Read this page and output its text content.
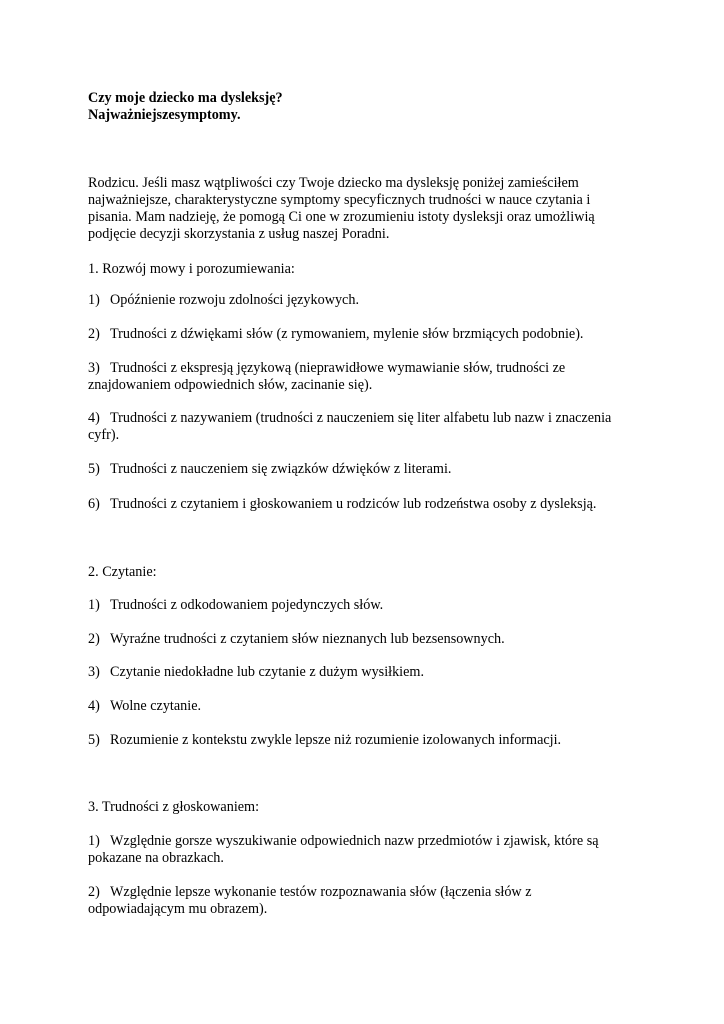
Czy moje dziecko ma dysleksję?
Najważniejszesymptomy.
Rodzicu. Jeśli masz wątpliwości czy Twoje dziecko ma dysleksję poniżej zamieściłem
najważniejsze, charakterystyczne symptomy specyficznych trudności w nauce czytania i
pisania. Mam nadzieję, że pomogą Ci one w zrozumieniu istoty dysleksji oraz umożliwią
podjęcie decyzji skorzystania z usług naszej Poradni.
1. Rozwój mowy i porozumiewania:
1) Opóźnienie rozwoju zdolności językowych.
2) Trudności z dźwiękami słów (z rymowaniem, mylenie słów brzmiących podobnie).
3) Trudności z ekspresją językową (nieprawidłowe wymawianie słów, trudności ze
znajdowaniem odpowiednich słów, zacinanie się).
4) Trudności z nazywaniem (trudności z nauczeniem się liter alfabetu lub nazw i znaczenia
cyfr).
5) Trudności z nauczeniem się związków dźwięków z literami.
6) Trudności z czytaniem i głoskowaniem u rodziców lub rodzeństwa osoby z dysleksją.
2. Czytanie:
1) Trudności z odkodowaniem pojedynczych słów.
2) Wyraźne trudności z czytaniem słów nieznanych lub bezsensownych.
3) Czytanie niedokładne lub czytanie z dużym wysiłkiem.
4) Wolne czytanie.
5) Rozumienie z kontekstu zwykle lepsze niż rozumienie izolowanych informacji.
3. Trudności z głoskowaniem:
1) Względnie gorsze wyszukiwanie odpowiednich nazw przedmiotów i zjawisk, które są
pokazane na obrazkach.
2) Względnie lepsze wykonanie testów rozpoznawania słów (łączenia słów z
odpowiadającym mu obrazem).
